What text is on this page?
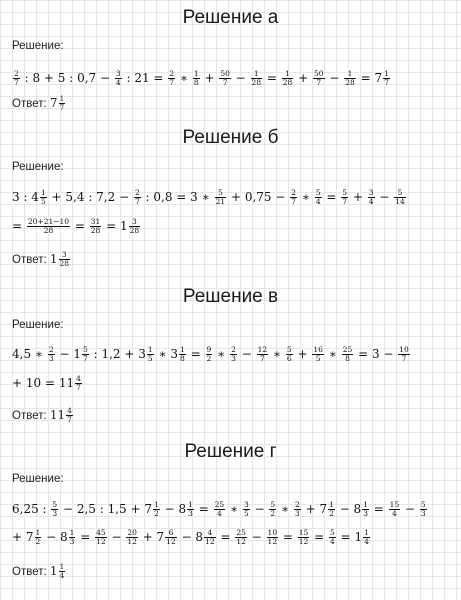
Решение а
Решение:
$\frac{2}{7}$ : 8 + 5 : $0,7 - \frac{3}{4}$ : $21 = \frac{2}{7}$ ∗ $\frac{1}{8} + \frac{50}{7} - \frac{1}{28} = \frac{1}{28} + \frac{50}{7} - \frac{1}{28} = 7 \frac{1}{7}$
Ответ: $7 \frac{1}{7}$
Решение б
Решение:
3 : $4 \frac{1}{5} + 5,4$ : $7,2 - \frac{2}{7}$ : 0,8 = 3 ∗ $\frac{5}{21} + 0,75 - \frac{2}{7}$ ∗ $\frac{5}{4} = \frac{5}{7} + \frac{3}{4} - \frac{5}{14}$
= $\frac{20+21-10}{28} = \frac{31}{28} = 1 \frac{3}{28}$
Ответ: $1 \frac{3}{28}$
Решение в
Решение:
4,5 ∗ $\frac{2}{3} - 1 \frac{5}{7}$ : $1,2 + 3 \frac{1}{5}$ ∗ $3 \frac{1}{8} = \frac{9}{2}$ ∗ $\frac{2}{3} - \frac{12}{7}$ ∗ $\frac{5}{6} + \frac{16}{5}$ ∗ $\frac{25}{8} = 3 - \frac{10}{7}$
+ $10 = 11 \frac{4}{7}$
Ответ: $11 \frac{4}{7}$
Решение г
Решение:
6,25 : $\frac{5}{3} - 2,5$ : $1,5 + 7 \frac{1}{2} - 8 \frac{1}{3} = \frac{25}{4}$ ∗ $\frac{3}{5} - \frac{5}{2}$ ∗ $\frac{2}{3} + 7 \frac{1}{2} - 8 \frac{1}{3} = \frac{15}{4} - \frac{5}{3}$
+ $7 \frac{1}{2} - 8 \frac{1}{3} = \frac{45}{12} - \frac{20}{12} + 7 \frac{6}{12} - 8 \frac{4}{12} = \frac{25}{12} - \frac{10}{12} = \frac{15}{12} = \frac{5}{4} = 1 \frac{1}{4}$
Ответ: $1 \frac{1}{4}$
